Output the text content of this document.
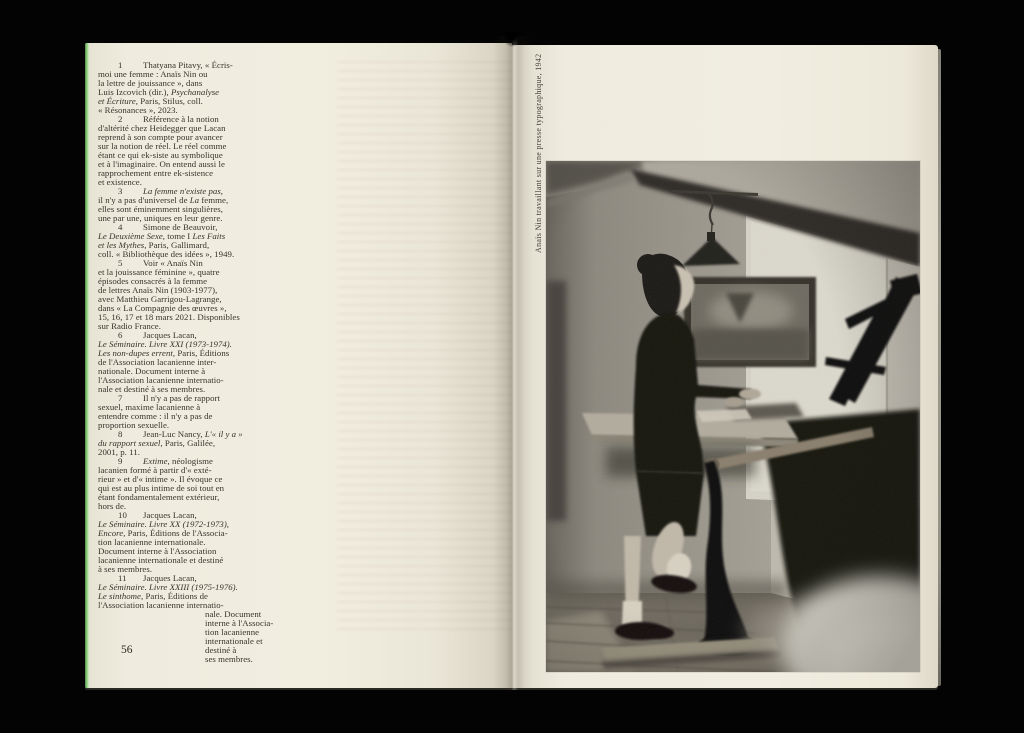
1 Thatyana Pitavy, « Écris-
moi une femme : Anaïs Nin ou
la lettre de jouissance », dans
Luis Izcovich (dir.), Psychanalyse
et Écriture, Paris, Stilus, coll.
« Résonances », 2023.
2 Référence à la notion
d'altérité chez Heidegger que Lacan
reprend à son compte pour avancer
sur la notion de réel. Le réel comme
étant ce qui ek-siste au symbolique
et à l'imaginaire. On entend aussi le
rapprochement entre ek-sistence
et existence.
3 La femme n'existe pas,
il n'y a pas d'universel de La femme,
elles sont éminemment singulières,
une par une, uniques en leur genre.
4 Simone de Beauvoir,
Le Deuxième Sexe, tome I Les Faits
et les Mythes, Paris, Gallimard,
coll. « Bibliothèque des idées », 1949.
5 Voir « Anaïs Nin
et la jouissance féminine », quatre
épisodes consacrés à la femme
de lettres Anaïs Nin (1903-1977),
avec Matthieu Garrigou-Lagrange,
dans « La Compagnie des œuvres »,
15, 16, 17 et 18 mars 2021. Disponibles
sur Radio France.
6 Jacques Lacan,
Le Séminaire. Livre XXI (1973-1974).
Les non-dupes errent, Paris, Éditions
de l'Association lacanienne inter-
nationale. Document interne à
l'Association lacanienne internatio-
nale et destiné à ses membres.
7 Il n'y a pas de rapport
sexuel, maxime lacanienne à
entendre comme : il n'y a pas de
proportion sexuelle.
8 Jean-Luc Nancy, L'« il y a »
du rapport sexuel, Paris, Galilée,
2001, p. 11.
9 Extime, néologisme
lacanien formé à partir d'« exté-
rieur » et d'« intime ». Il évoque ce
qui est au plus intime de soi tout en
étant fondamentalement extérieur,
hors de.
10 Jacques Lacan,
Le Séminaire. Livre XX (1972-1973),
Encore, Paris, Éditions de l'Associa-
tion lacanienne internationale.
Document interne à l'Association
lacanienne internationale et destiné
à ses membres.
11 Jacques Lacan,
Le Séminaire. Livre XXIII (1975-1976).
Le sinthome, Paris, Éditions de
l'Association lacanienne internatio-
nale. Document
interne à l'Associa-
tion lacanienne
internationale et
destiné à
ses membres.
56
Anaïs Nin travaillant sur une presse typographique, 1942
